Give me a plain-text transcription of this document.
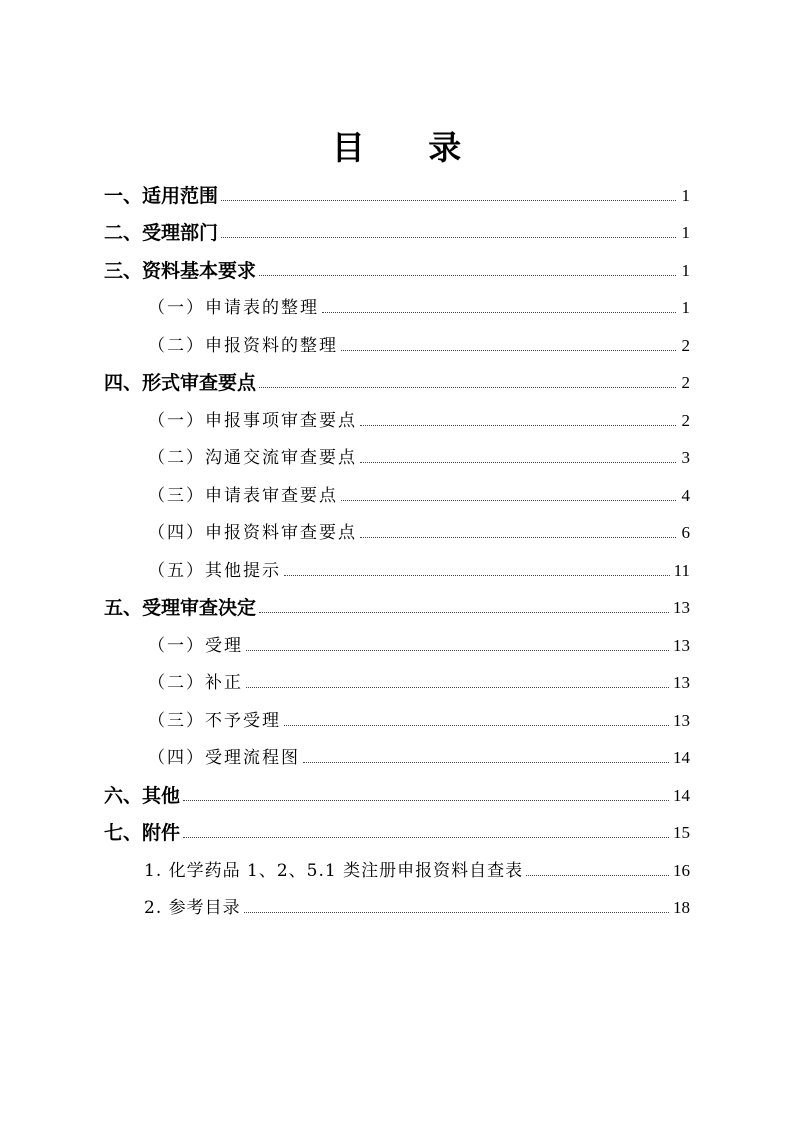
目 录
一、适用范围	1
二、受理部门	1
三、资料基本要求	1
（一）申请表的整理	1
（二）申报资料的整理	2
四、形式审查要点	2
（一）申报事项审查要点	2
（二）沟通交流审查要点	3
（三）申请表审查要点	4
（四）申报资料审查要点	6
（五）其他提示	11
五、受理审查决定	13
（一）受理	13
（二）补正	13
（三）不予受理	13
（四）受理流程图	14
六、其他	14
七、附件	15
1. 化学药品 1、2、5.1 类注册申报资料自查表	16
2. 参考目录	18
